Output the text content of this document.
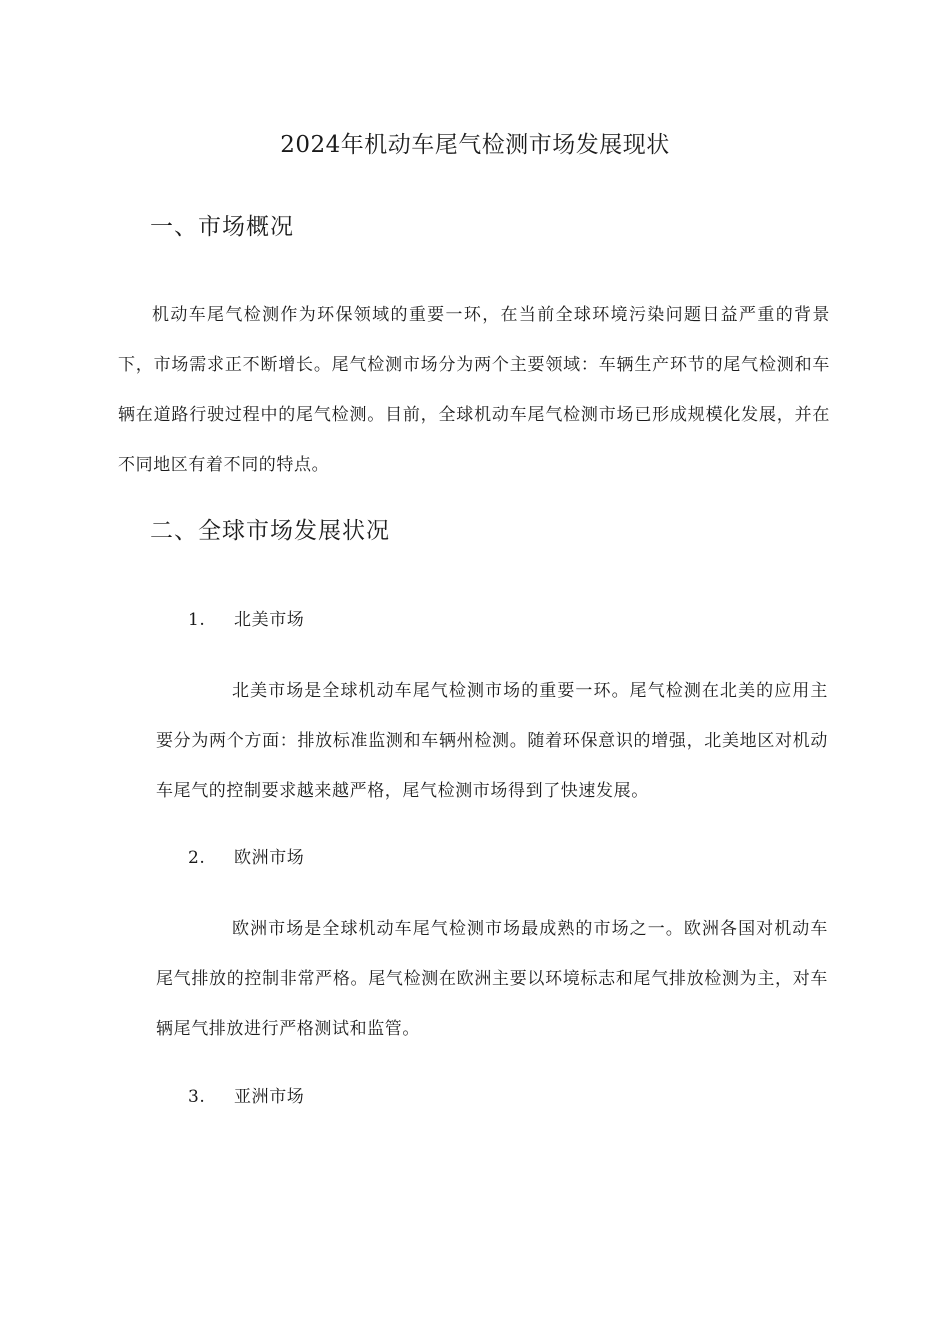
2024年机动车尾气检测市场发展现状
一、市场概况

机动车尾气检测作为环保领域的重要一环，在当前全球环境污染问题日益严重的背景下，市场需求正不断增长。尾气检测市场分为两个主要领域：车辆生产环节的尾气检测和车辆在道路行驶过程中的尾气检测。目前，全球机动车尾气检测市场已形成规模化发展，并在不同地区有着不同的特点。

二、全球市场发展状况
1. 北美市场

北美市场是全球机动车尾气检测市场的重要一环。尾气检测在北美的应用主要分为两个方面：排放标准监测和车辆州检测。随着环保意识的增强，北美地区对机动车尾气的控制要求越来越严格，尾气检测市场得到了快速发展。

2. 欧洲市场

欧洲市场是全球机动车尾气检测市场最成熟的市场之一。欧洲各国对机动车尾气排放的控制非常严格。尾气检测在欧洲主要以环境标志和尾气排放检测为主，对车辆尾气排放进行严格测试和监管。

3. 亚洲市场
